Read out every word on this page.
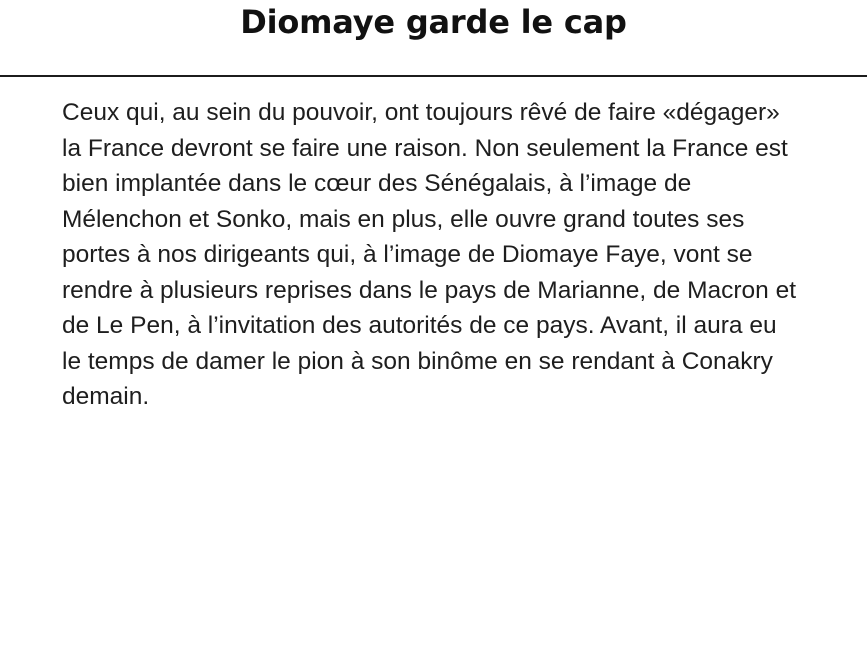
Diomaye garde le cap

Ceux qui, au sein du pouvoir, ont toujours rêvé de faire «dégager» la France devront se faire une raison. Non seulement la France est bien implantée dans le cœur des Sénégalais, à l’image de Mélenchon et Sonko, mais en plus, elle ouvre grand toutes ses portes à nos dirigeants qui, à l’image de Diomaye Faye, vont se rendre à plusieurs reprises dans le pays de Marianne, de Macron et de Le Pen, à l’invitation des autorités de ce pays. Avant, il aura eu le temps de damer le pion à son binôme en se rendant à Conakry demain.
